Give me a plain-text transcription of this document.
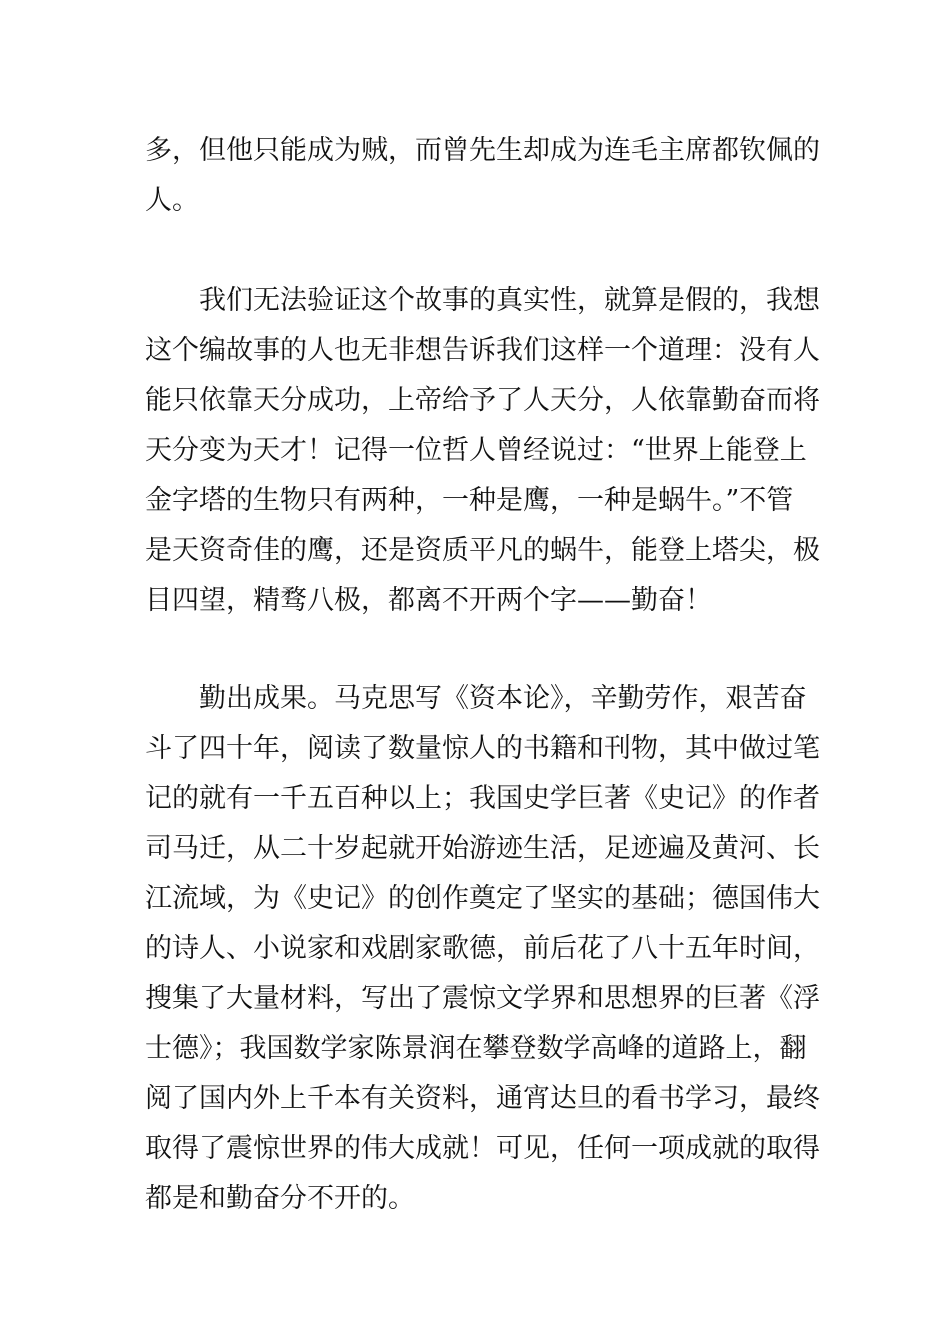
多，但他只能成为贼，而曾先生却成为连毛主席都钦佩的
人。
　　我们无法验证这个故事的真实性，就算是假的，我想
这个编故事的人也无非想告诉我们这样一个道理：没有人
能只依靠天分成功，上帝给予了人天分，人依靠勤奋而将
天分变为天才！记得一位哲人曾经说过：“世界上能登上
金字塔的生物只有两种，一种是鹰，一种是蜗牛。”不管
是天资奇佳的鹰，还是资质平凡的蜗牛，能登上塔尖，极
目四望，精骛八极，都离不开两个字——勤奋！
　　勤出成果。马克思写《资本论》，辛勤劳作，艰苦奋
斗了四十年，阅读了数量惊人的书籍和刊物，其中做过笔
记的就有一千五百种以上；我国史学巨著《史记》的作者
司马迁，从二十岁起就开始游迹生活，足迹遍及黄河、长
江流域，为《史记》的创作奠定了坚实的基础；德国伟大
的诗人、小说家和戏剧家歌德，前后花了八十五年时间，
搜集了大量材料，写出了震惊文学界和思想界的巨著《浮
士德》；我国数学家陈景润在攀登数学高峰的道路上，翻
阅了国内外上千本有关资料，通宵达旦的看书学习，最终
取得了震惊世界的伟大成就！可见，任何一项成就的取得
都是和勤奋分不开的。
